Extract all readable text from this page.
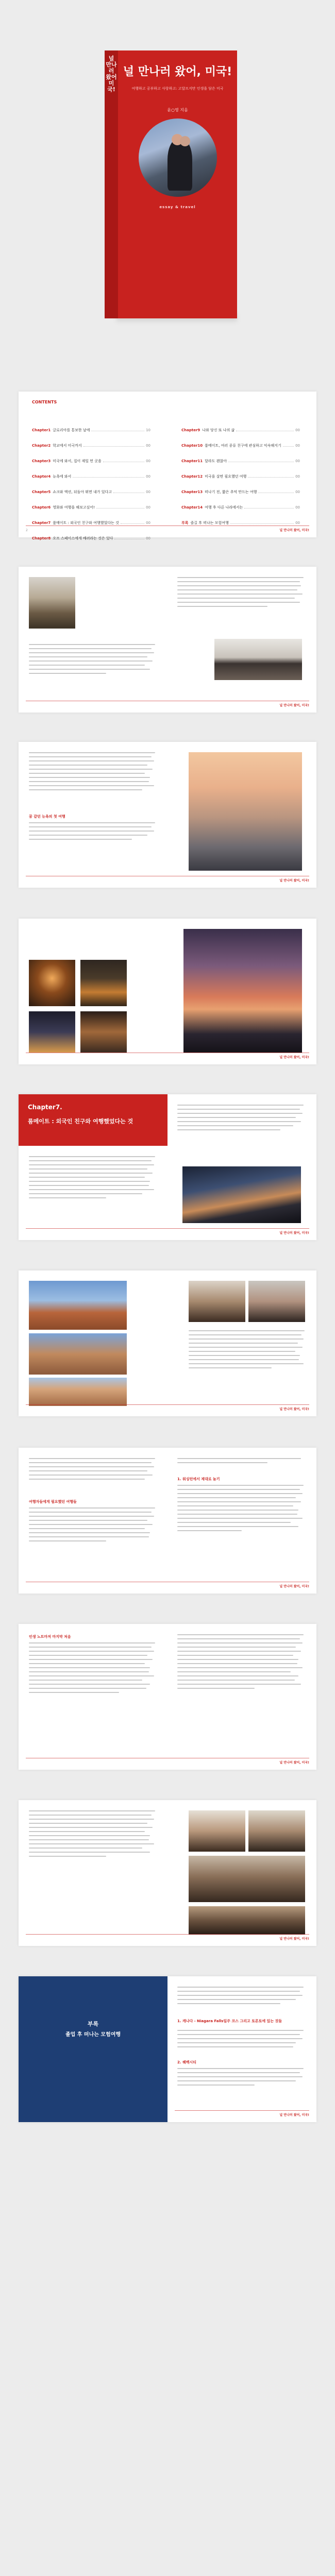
널 만나러 왔어 미국!
널 만나러 왔어, 미국!
여행하고 공부하고 사랑하고: 고달프지만 인생을 담은 미국
윤○영 지음
essay & travel
CONTENTS
Chapter1 글로리아를 통보한 날에	10
Chapter2 학교에서 미국까지	00
Chapter3 미국에 와서, 집이 제일 먼 곳을	00
Chapter4 뉴욕에 와서	00
Chapter5 쇼크와 액션, 뒤돌아 뛰면 내가 있다고	00
Chapter6 영화와 여행을 해보고싶어!	00
Chapter7 룸메이트 : 외국인 친구와 여행했었다는 것	00
Chapter8 오프 스페이스에게 배려라는 것은 있다	00
Chapter9 나와 당신 또 나의 삶	00
Chapter10 룸메이트, 여러 종류 친구에 관심하고 익숙해지기	00
Chapter11 달라도 괜찮아	00
Chapter12 미국을 살면 필요했던 여행	00
Chapter13 떠나기 전, 짧은 추억 만드는 여행	00
Chapter14 여행 후 다른 나라에서는	00
부록 즐길 후 떠나는 모험여행	00
2	널 만나러 왔어, 미국!
널 만나러 왔어, 미국!
꿈 같던 뉴욕의 첫 여행
널 만나러 왔어, 미국!
널 만나러 왔어, 미국!
Chapter7.
룸메이트 : 외국인 친구와 여행했었다는 것
널 만나러 왔어, 미국!
널 만나러 왔어, 미국!
여행자들에게 필요했던 여행들
1. 워싱턴에서 제대로 놀기
널 만나러 왔어, 미국!
인생 노트마저 마지막 처음
널 만나러 왔어, 미국!
널 만나러 왔어, 미국!
부록
졸업 후 떠나는 모험여행
1. 캐나다 - Niagara Falls일주 코스 그리고 토론토에 있는 것들
2. 퀘벡시티
널 만나러 왔어, 미국!
